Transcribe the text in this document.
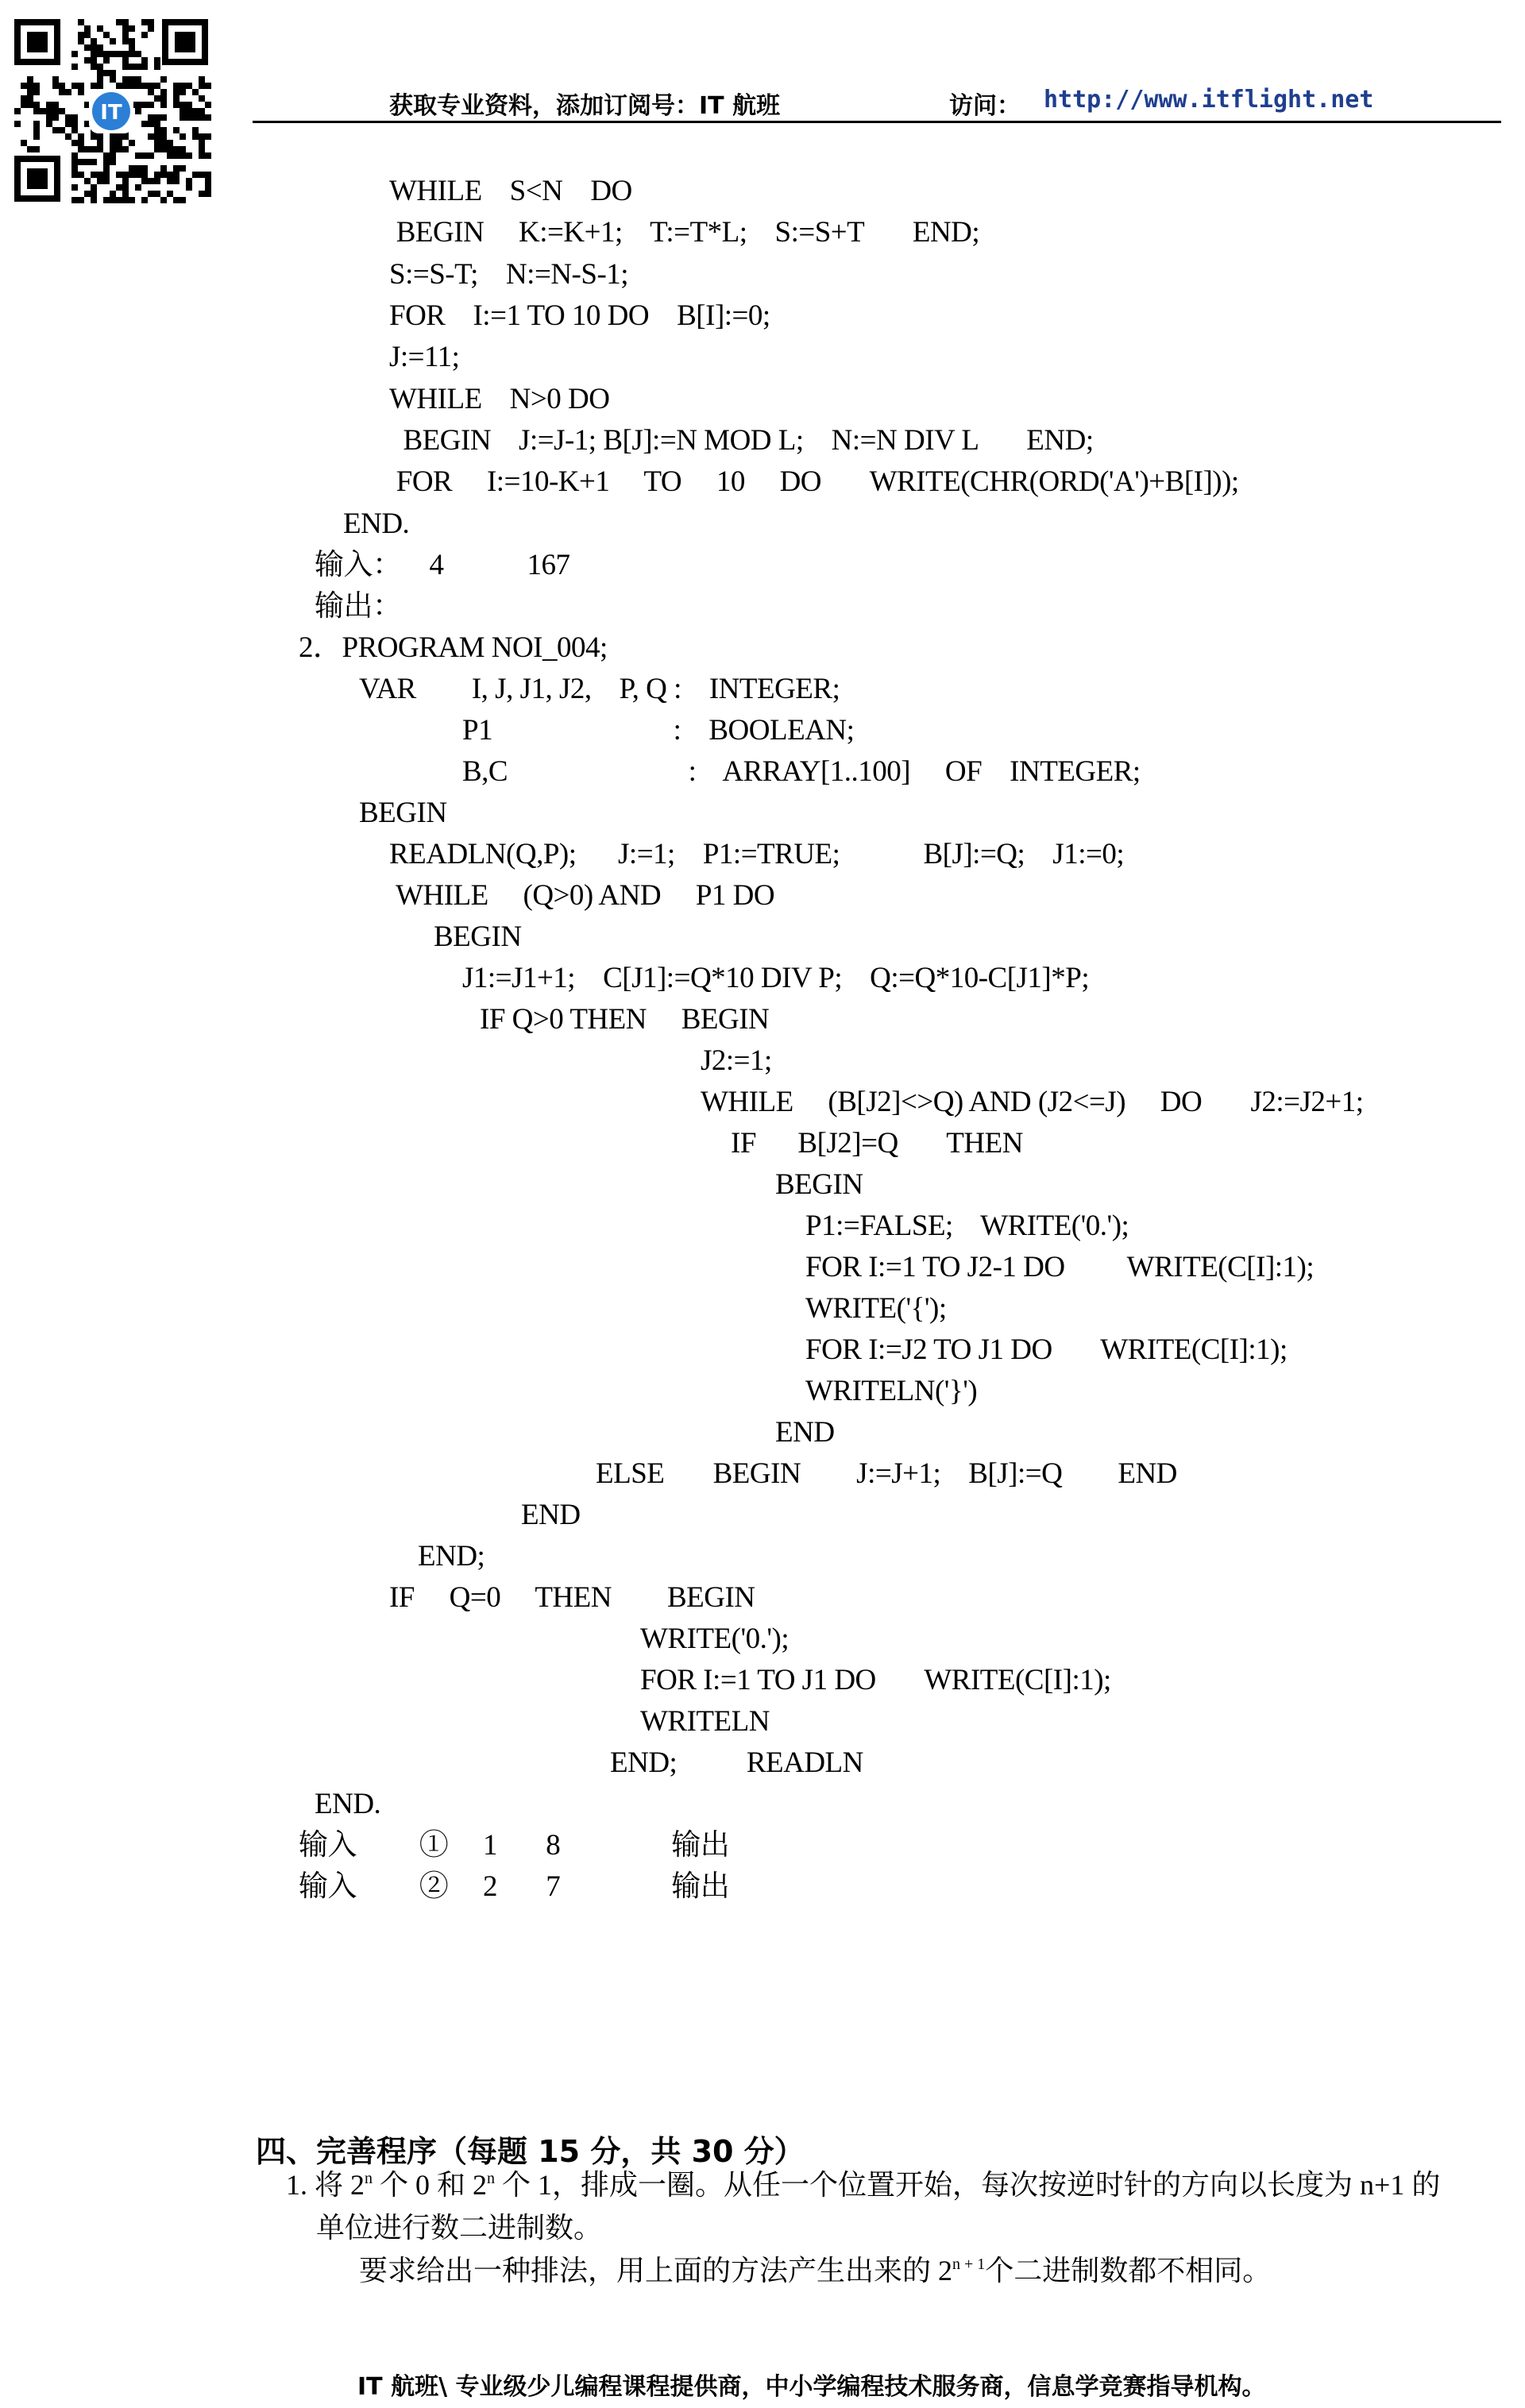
IT	获取专业资料，添加订阅号：IT 航班	访问： http://www.itflight.net
WHILE    S<N    DO
BEGIN     K:=K+1;    T:=T*L;    S:=S+T       END;
S:=S-T;    N:=N-S-1;
FOR    I:=1 TO 10 DO    B[I]:=0;
J:=11;
WHILE    N>0 DO
BEGIN    J:=J-1; B[J]:=N MOD L;    N:=N DIV L       END;
FOR     I:=10-K+1     TO     10     DO       WRITE(CHR(ORD('A')+B[I]));
END.
输入：    4            167
输出：
2．PROGRAM NOI_004;
VAR        I, J, J1, J2,    P, Q :    INTEGER;
P1                          :    BOOLEAN;
B,C                          :    ARRAY[1..100]     OF    INTEGER;
BEGIN
READLN(Q,P);      J:=1;    P1:=TRUE;            B[J]:=Q;    J1:=0;
WHILE     (Q>0) AND     P1 DO
BEGIN
J1:=J1+1;    C[J1]:=Q*10 DIV P;    Q:=Q*10-C[J1]*P;
IF Q>0 THEN     BEGIN
J2:=1;
WHILE     (B[J2]<>Q) AND (J2<=J)     DO       J2:=J2+1;
IF      B[J2]=Q       THEN
BEGIN
P1:=FALSE;    WRITE('0.');
FOR I:=1 TO J2-1 DO         WRITE(C[I]:1);
WRITE('{');
FOR I:=J2 TO J1 DO       WRITE(C[I]:1);
WRITELN('}')
END
ELSE       BEGIN        J:=J+1;    B[J]:=Q        END
END
END;
IF     Q=0     THEN        BEGIN
WRITE('0.');
FOR I:=1 TO J1 DO       WRITE(C[I]:1);
WRITELN
END;          READLN
END.
输入         ①     1       8                输出
输入         ②     2       7                输出
四、完善程序（每题 15 分，共 30 分）
1. 将 2$^n$ 个 0 和 2$^n$ 个 1，排成一圈。从任一个位置开始，每次按逆时针的方向以长度为 n+1 的
单位进行数二进制数。
要求给出一种排法，用上面的方法产生出来的 $2^{n + 1}$个二进制数都不相同。
IT 航班\ 专业级少儿编程课程提供商，中小学编程技术服务商，信息学竞赛指导机构。
